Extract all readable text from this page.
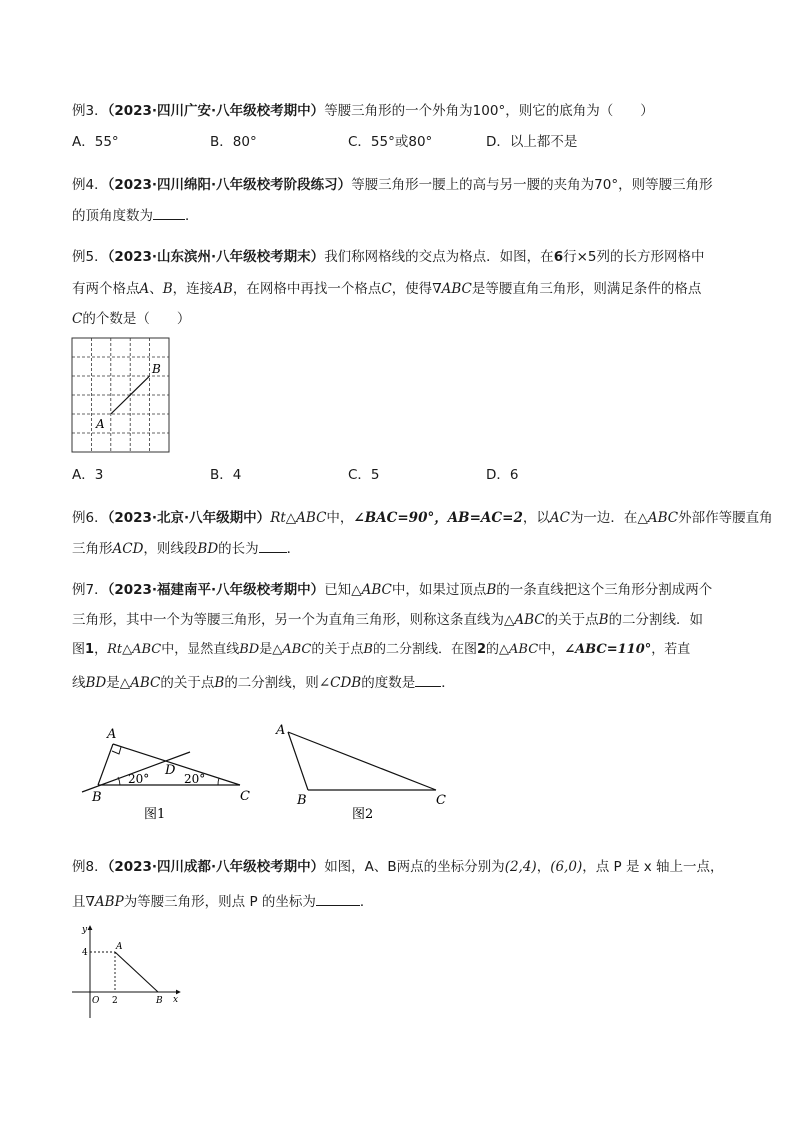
例3．（2023·四川广安·八年级校考期中）等腰三角形的一个外角为100°，则它的底角为（　　）
A．55°	B．80°	C．55°或80°	D．以上都不是
例4．（2023·四川绵阳·八年级校考阶段练习）等腰三角形一腰上的高与另一腰的夹角为70°，则等腰三角形
的顶角度数为 ．
例5．（2023·山东滨州·八年级校考期末）我们称网格线的交点为格点．如图，在6行×5列的长方形网格中
有两个格点A、B，连接AB，在网格中再找一个格点C，使得∇ABC是等腰直角三角形，则满足条件的格点
C的个数是（　　）
A
B
A．3	B．4	C．5	D．6
例6．（2023·北京·八年级期中）Rt△ABC中，∠BAC=90°，AB=AC=2，以AC为一边．在△ABC外部作等腰直角
三角形ACD，则线段BD的长为 ．
例7．（2023·福建南平·八年级校考期中）已知△ABC中，如果过顶点B的一条直线把这个三角形分割成两个
三角形，其中一个为等腰三角形，另一个为直角三角形，则称这条直线为△ABC的关于点B的二分割线．如
图1，Rt△ABC中，显然直线BD是△ABC的关于点B的二分割线．在图2的△ABC中，∠ABC=110°，若直
线BD是△ABC的关于点B的二分割线，则∠CDB的度数是 ．
A
B	C
D
20°	20°
图1
A
B	C
图2
例8．（2023·四川成都·八年级校考期中）如图，A、B两点的坐标分别为(2,4)，(6,0)，点 P 是 x 轴上一点，
且∇ABP为等腰三角形，则点 P 的坐标为	．
y
x
O
4
2
A
B
